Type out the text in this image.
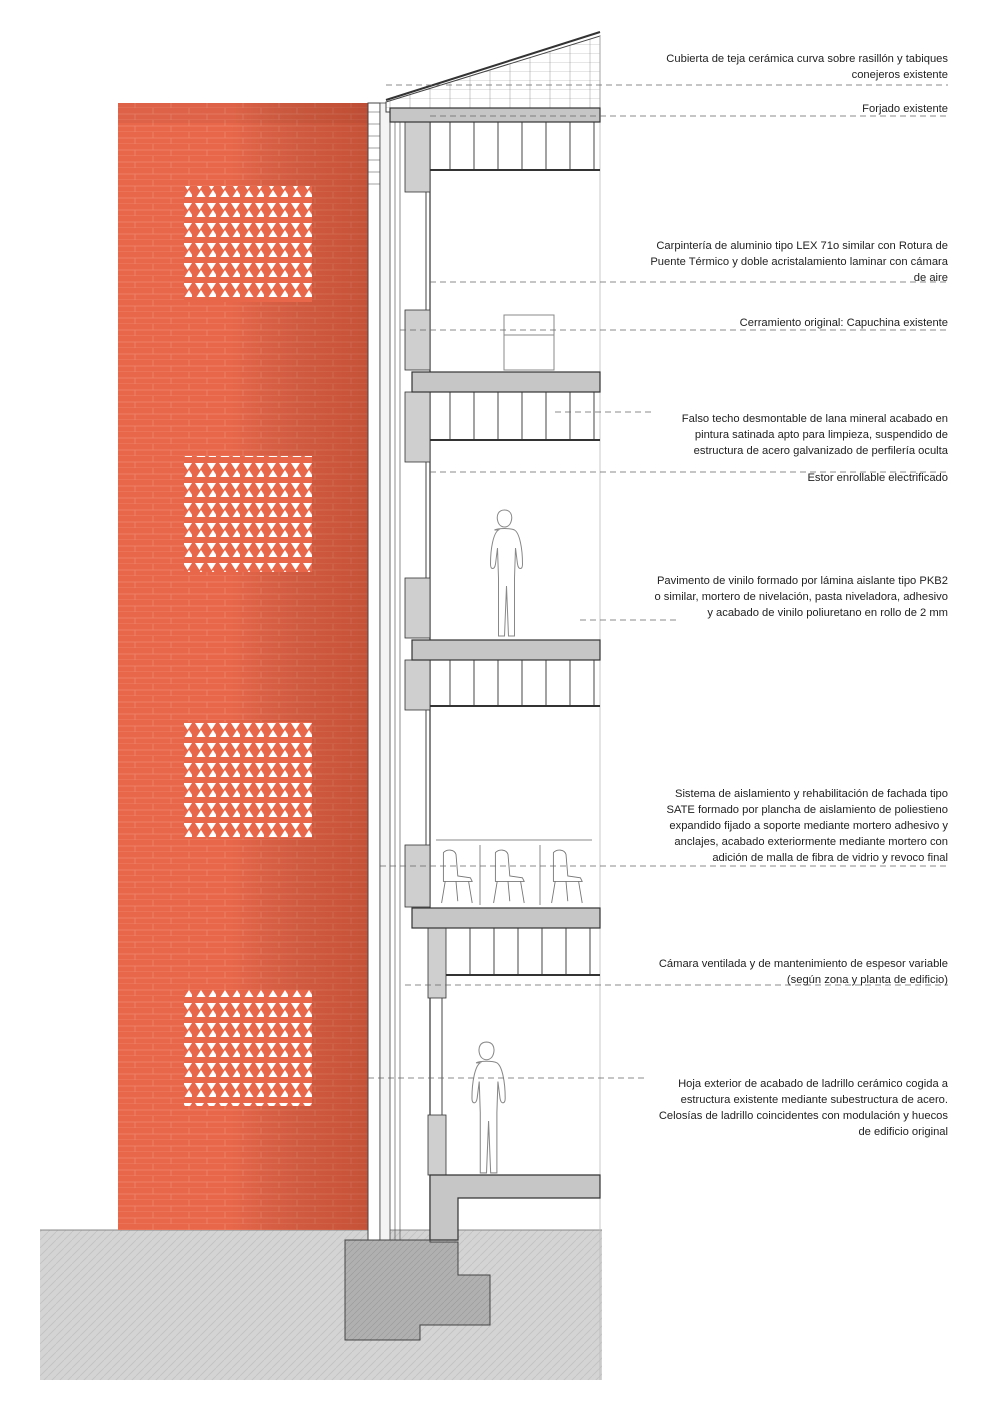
Cubierta de teja cerámica curva sobre rasillón y tabiques
conejeros existente
Forjado existente
Carpintería de aluminio tipo LEX 71o similar con Rotura de
Puente Térmico y doble acristalamiento laminar con cámara
de aire
Cerramiento original: Capuchina existente
Falso techo desmontable de lana mineral acabado en
pintura satinada apto para limpieza, suspendido de
estructura de acero galvanizado de perfilería oculta
Estor enrollable electrificado
Pavimento de vinilo formado por lámina aislante tipo PKB2
o similar, mortero de nivelación, pasta niveladora, adhesivo
y acabado de vinilo poliuretano en rollo de 2 mm
Sistema de aislamiento y rehabilitación de fachada tipo
SATE formado por plancha de aislamiento de poliestieno
expandido fijado a soporte mediante mortero adhesivo y
anclajes, acabado exteriormente mediante mortero con
adición de malla de fibra de vidrio y revoco final
Cámara ventilada y de mantenimiento de espesor variable
(según zona y planta de edificio)
Hoja exterior de acabado de ladrillo cerámico cogida a
estructura existente mediante subestructura de acero.
Celosías de ladrillo coincidentes con modulación y huecos
de edificio original
